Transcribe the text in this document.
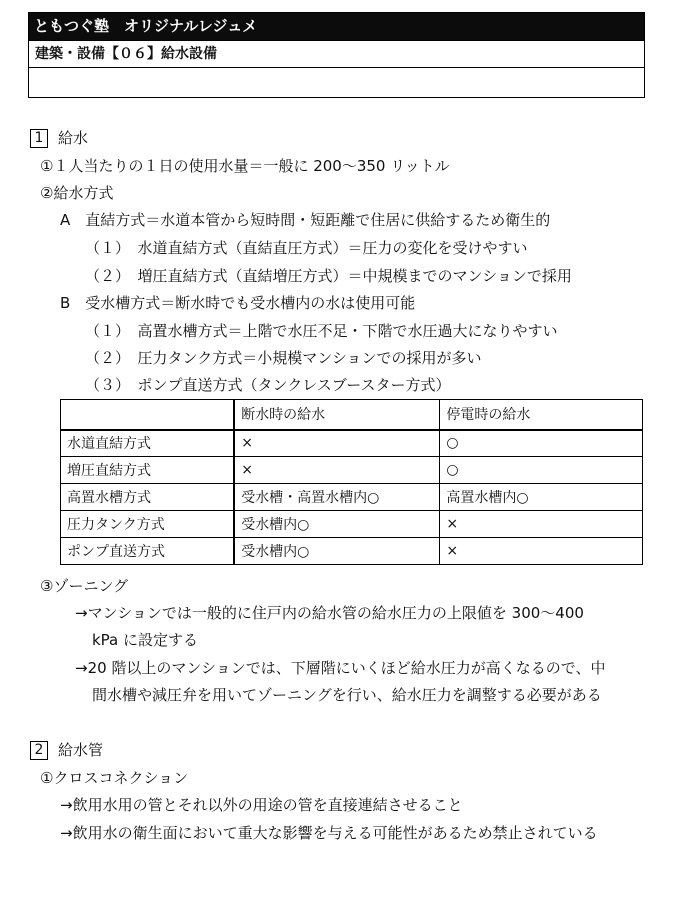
ともつぐ塾　オリジナルレジュメ
建築・設備【０６】給水設備
1 給水
①１人当たりの１日の使用水量＝一般に 200～350 リットル
②給水方式
A　直結方式＝水道本管から短時間・短距離で住居に供給するため衛生的
（１）　水道直結方式（直結直圧方式）＝圧力の変化を受けやすい
（２）　増圧直結方式（直結増圧方式）＝中規模までのマンションで採用
B　受水槽方式＝断水時でも受水槽内の水は使用可能
（１）　高置水槽方式＝上階で水圧不足・下階で水圧過大になりやすい
（２）　圧力タンク方式＝小規模マンションでの採用が多い
（３）　ポンプ直送方式（タンクレスブースター方式）
	断水時の給水	停電時の給水
水道直結方式	×	○
増圧直結方式	×	○
高置水槽方式	受水槽・高置水槽内○	高置水槽内○
圧力タンク方式	受水槽内○	×
ポンプ直送方式	受水槽内○	×
③ゾーニング
→マンションでは一般的に住戸内の給水管の給水圧力の上限値を 300～400
kPa に設定する
→20 階以上のマンションでは、下層階にいくほど給水圧力が高くなるので、中
間水槽や減圧弁を用いてゾーニングを行い、給水圧力を調整する必要がある
2 給水管
①クロスコネクション
→飲用水用の管とそれ以外の用途の管を直接連結させること
→飲用水の衛生面において重大な影響を与える可能性があるため禁止されている
